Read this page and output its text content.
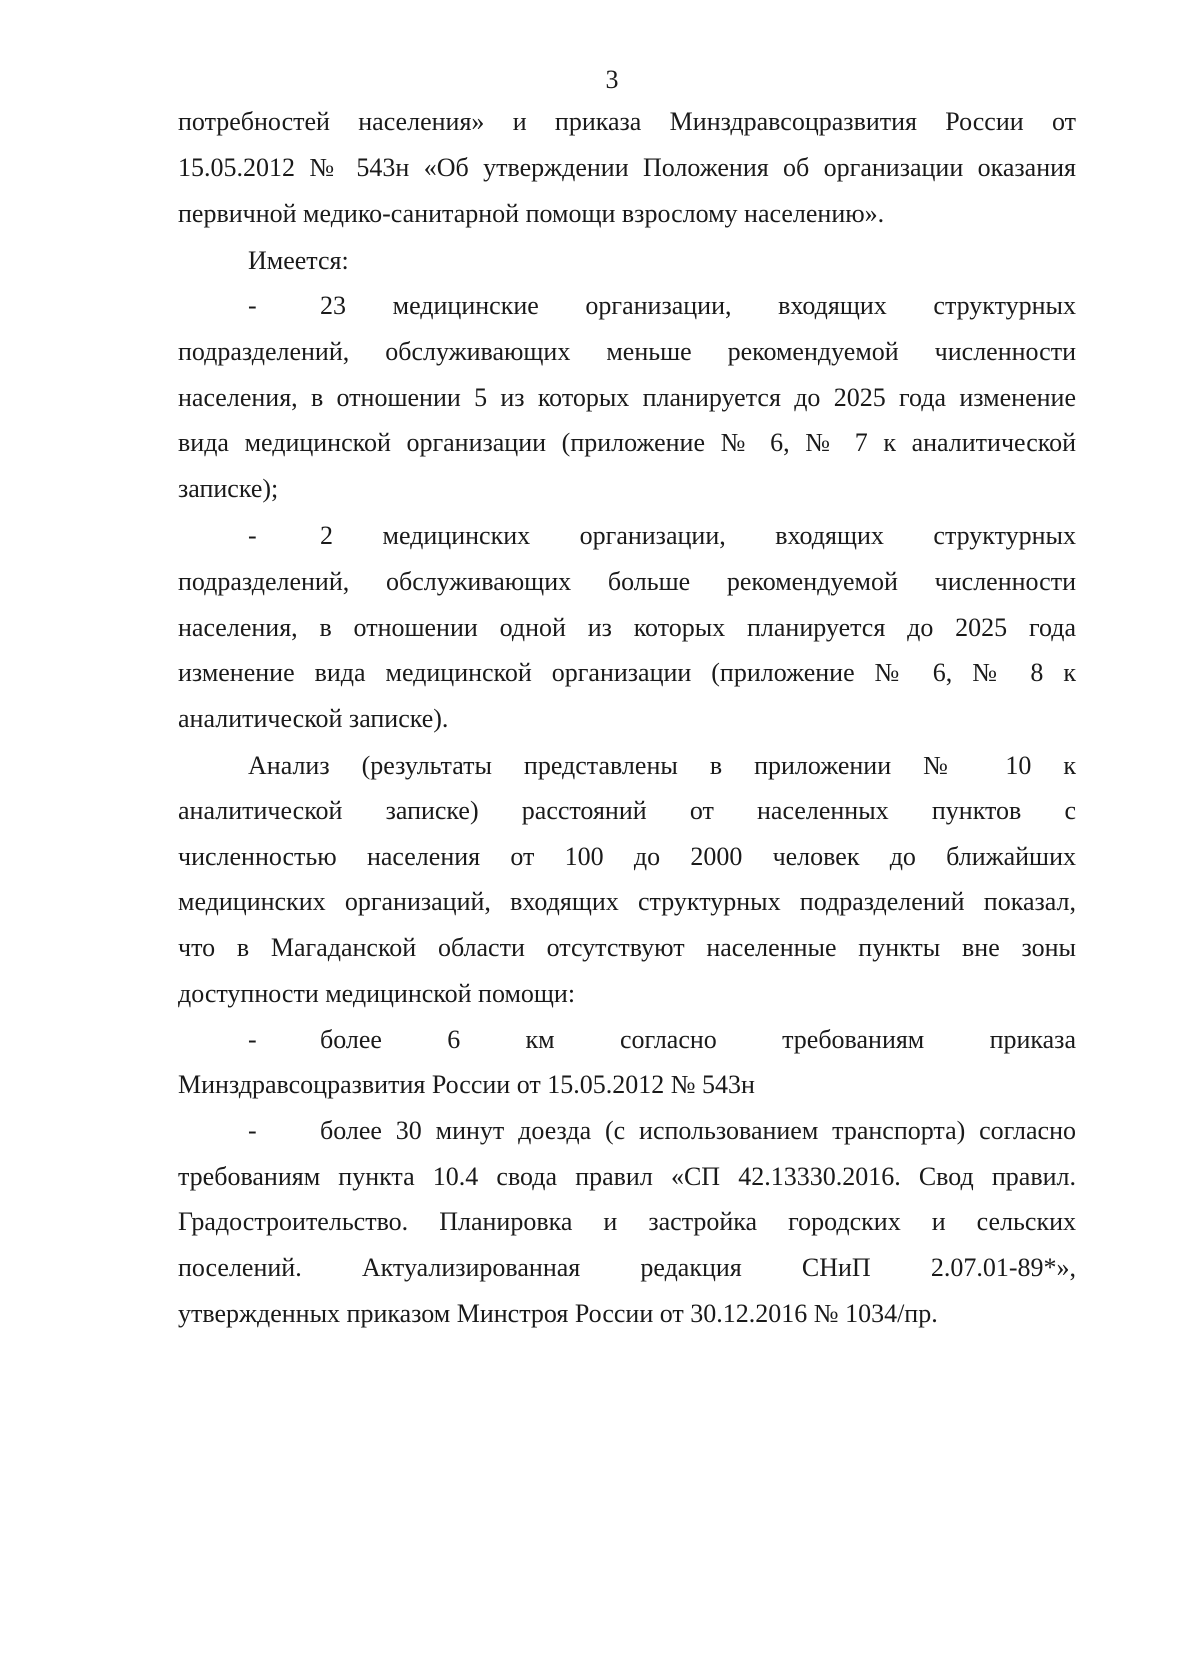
3
потребностей населения» и приказа Минздравсоцразвития России от
15.05.2012 № 543н «Об утверждении Положения об организации оказания
первичной медико-санитарной помощи взрослому населению».
Имеется:
-	23 медицинские организации, входящих структурных
подразделений, обслуживающих меньше рекомендуемой численности
населения, в отношении 5 из которых планируется до 2025 года изменение
вида медицинской организации (приложение № 6, № 7 к аналитической
записке);
-	2 медицинских организации, входящих структурных
подразделений, обслуживающих больше рекомендуемой численности
населения, в отношении одной из которых планируется до 2025 года
изменение вида медицинской организации (приложение № 6, № 8 к
аналитической записке).
Анализ (результаты представлены в приложении № 10 к
аналитической записке) расстояний от населенных пунктов с
численностью населения от 100 до 2000 человек до ближайших
медицинских организаций, входящих структурных подразделений показал,
что в Магаданской области отсутствуют населенные пункты вне зоны
доступности медицинской помощи:
-	более 6 км согласно требованиям приказа
Минздравсоцразвития России от 15.05.2012 № 543н
-	более 30 минут доезда (с использованием транспорта) согласно
требованиям пункта 10.4 свода правил «СП 42.13330.2016. Свод правил.
Градостроительство. Планировка и застройка городских и сельских
поселений. Актуализированная редакция СНиП 2.07.01-89*»,
утвержденных приказом Минстроя России от 30.12.2016 № 1034/пр.
